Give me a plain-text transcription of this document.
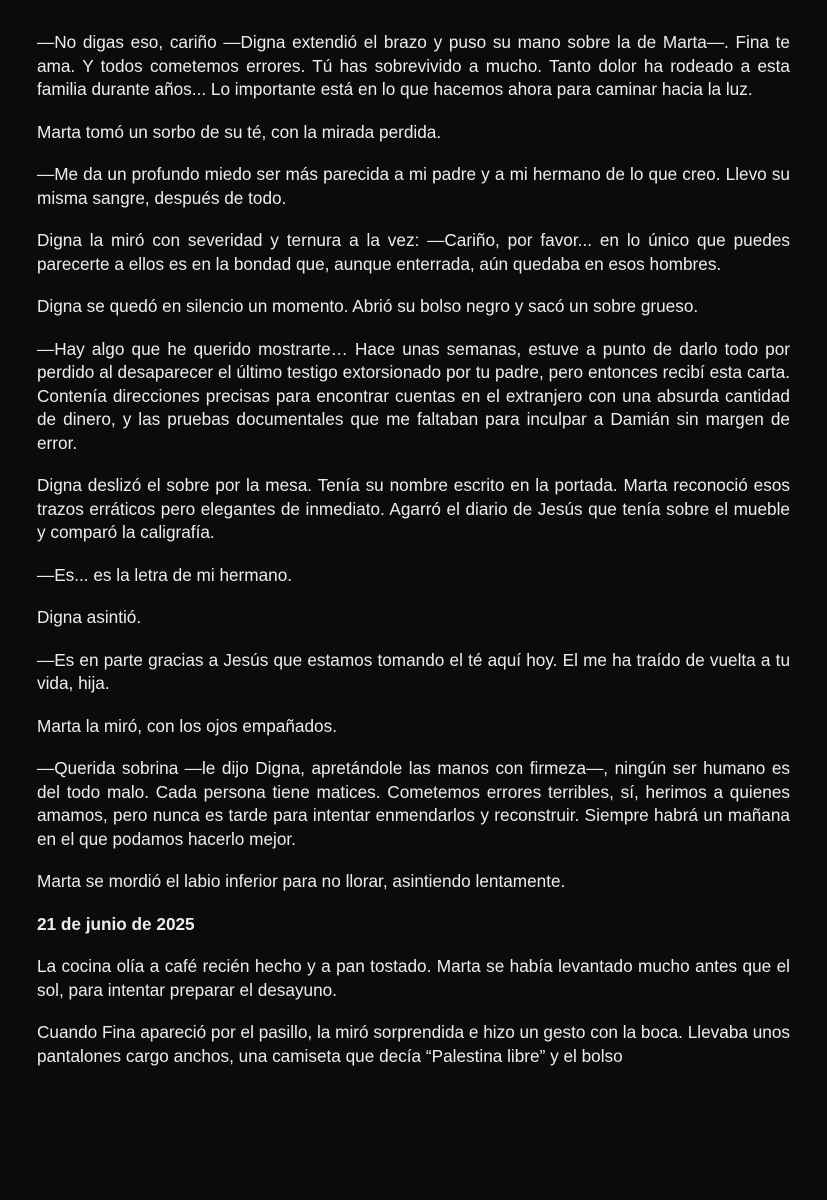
—No digas eso, cariño —Digna extendió el brazo y puso su mano sobre la de Marta—. Fina te ama. Y todos cometemos errores. Tú has sobrevivido a mucho. Tanto dolor ha rodeado a esta familia durante años... Lo importante está en lo que hacemos ahora para caminar hacia la luz.

Marta tomó un sorbo de su té, con la mirada perdida.

—Me da un profundo miedo ser más parecida a mi padre y a mi hermano de lo que creo. Llevo su misma sangre, después de todo.

Digna la miró con severidad y ternura a la vez: —Cariño, por favor... en lo único que puedes parecerte a ellos es en la bondad que, aunque enterrada, aún quedaba en esos hombres.

Digna se quedó en silencio un momento. Abrió su bolso negro y sacó un sobre grueso.

—Hay algo que he querido mostrarte… Hace unas semanas, estuve a punto de darlo todo por perdido al desaparecer el último testigo extorsionado por tu padre, pero entonces recibí esta carta. Contenía direcciones precisas para encontrar cuentas en el extranjero con una absurda cantidad de dinero, y las pruebas documentales que me faltaban para inculpar a Damián sin margen de error.

Digna deslizó el sobre por la mesa. Tenía su nombre escrito en la portada. Marta reconoció esos trazos erráticos pero elegantes de inmediato. Agarró el diario de Jesús que tenía sobre el mueble y comparó la caligrafía.

—Es... es la letra de mi hermano.

Digna asintió.

—Es en parte gracias a Jesús que estamos tomando el té aquí hoy. El me ha traído de vuelta a tu vida, hija.

Marta la miró, con los ojos empañados.

—Querida sobrina —le dijo Digna, apretándole las manos con firmeza—, ningún ser humano es del todo malo. Cada persona tiene matices. Cometemos errores terribles, sí, herimos a quienes amamos, pero nunca es tarde para intentar enmendarlos y reconstruir. Siempre habrá un mañana en el que podamos hacerlo mejor.

Marta se mordió el labio inferior para no llorar, asintiendo lentamente.

21 de junio de 2025

La cocina olía a café recién hecho y a pan tostado. Marta se había levantado mucho antes que el sol, para intentar preparar el desayuno.

Cuando Fina apareció por el pasillo, la miró sorprendida e hizo un gesto con la boca. Llevaba unos pantalones cargo anchos, una camiseta que decía “Palestina libre” y el bolso
